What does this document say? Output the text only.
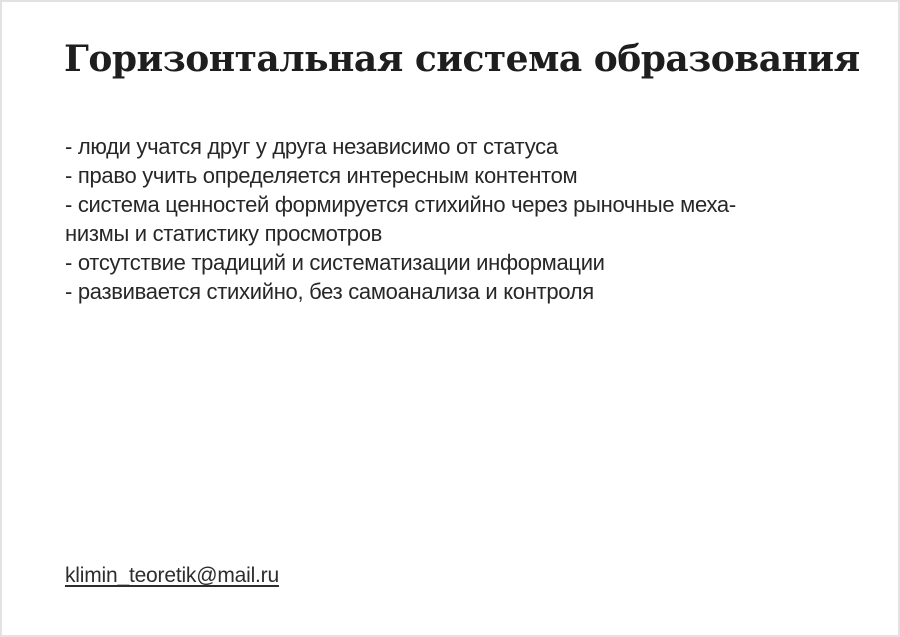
Горизонтальная система образования
- люди учатся друг у друга независимо от статуса
- право учить определяется интересным контентом
- система ценностей формируется стихийно через рыночные меха-
низмы и статистику просмотров
- отсутствие традиций и систематизации информации
- развивается стихийно, без самоанализа и контроля
klimin_teoretik@mail.ru
